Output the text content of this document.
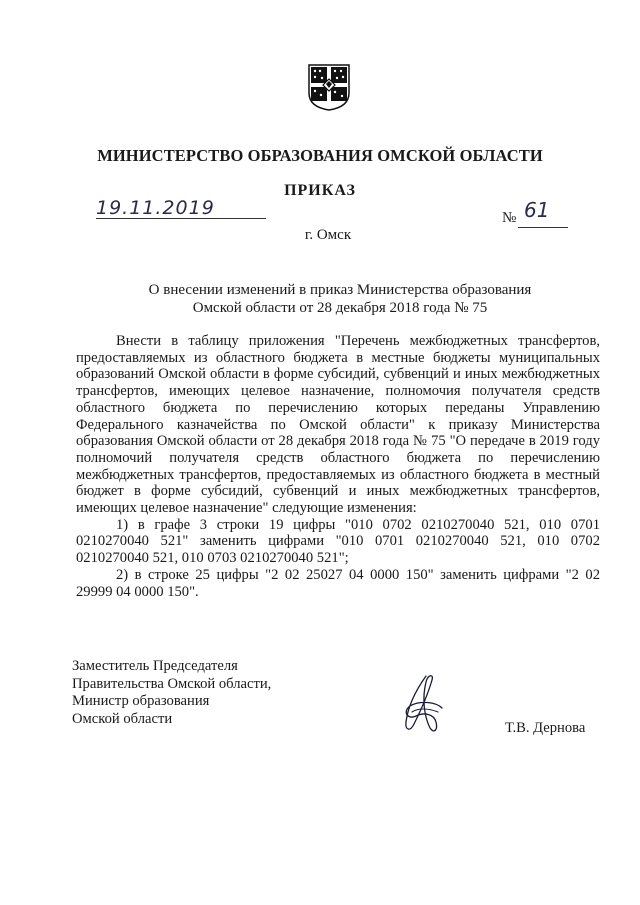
МИНИСТЕРСТВО ОБРАЗОВАНИЯ ОМСКОЙ ОБЛАСТИ
ПРИКАЗ
19.11.2019	№ 61
г. Омск
О внесении изменений в приказ Министерства образования
Омской области от 28 декабря 2018 года № 75

Внести в таблицу приложения "Перечень межбюджетных трансфертов, предоставляемых из областного бюджета в местные бюджеты муниципальных образований Омской области в форме субсидий, субвенций и иных межбюджетных трансфертов, имеющих целевое назначение, полномочия получателя средств областного бюджета по перечислению которых переданы Управлению Федерального казначейства по Омской области" к приказу Министерства образования Омской области от 28 декабря 2018 года № 75 "О передаче в 2019 году полномочий получателя средств областного бюджета по перечислению межбюджетных трансфертов, предоставляемых из областного бюджета в местный бюджет в форме субсидий, субвенций и иных межбюджетных трансфертов, имеющих целевое назначение" следующие изменения:

1) в графе 3 строки 19 цифры "010 0702 0210270040 521, 010 0701 0210270040 521" заменить цифрами "010 0701 0210270040 521, 010 0702 0210270040 521, 010 0703 0210270040 521";

2) в строке 25 цифры "2 02 25027 04 0000 150" заменить цифрами "2 02 29999 04 0000 150".

Заместитель Председателя
Правительства Омской области,
Министр образования
Омской области
Т.В. Дернова
